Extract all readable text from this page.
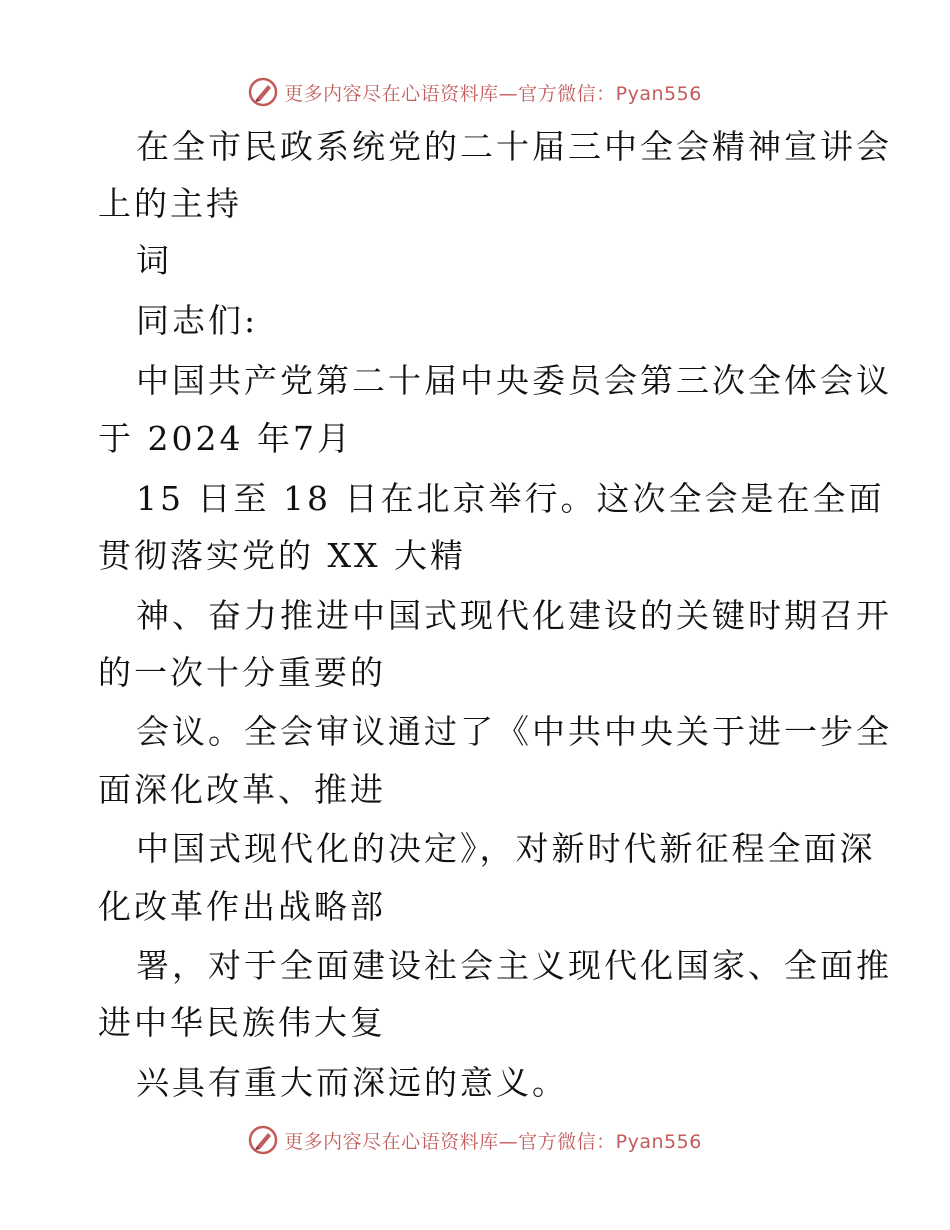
更多内容尽在心语资料库—官方微信：Pyan556
在全市民政系统党的二十届三中全会精神宣讲会
上的主持
词
同志们:
中国共产党第二十届中央委员会第三次全体会议
于 2024 年7月
15 日至 18 日在北京举行。这次全会是在全面
贯彻落实党的 XX 大精
神、奋力推进中国式现代化建设的关键时期召开
的一次十分重要的
会议。全会审议通过了《中共中央关于进一步全
面深化改革、推进
中国式现代化的决定》，对新时代新征程全面深
化改革作出战略部
署，对于全面建设社会主义现代化国家、全面推
进中华民族伟大复
兴具有重大而深远的意义。
更多内容尽在心语资料库—官方微信：Pyan556
